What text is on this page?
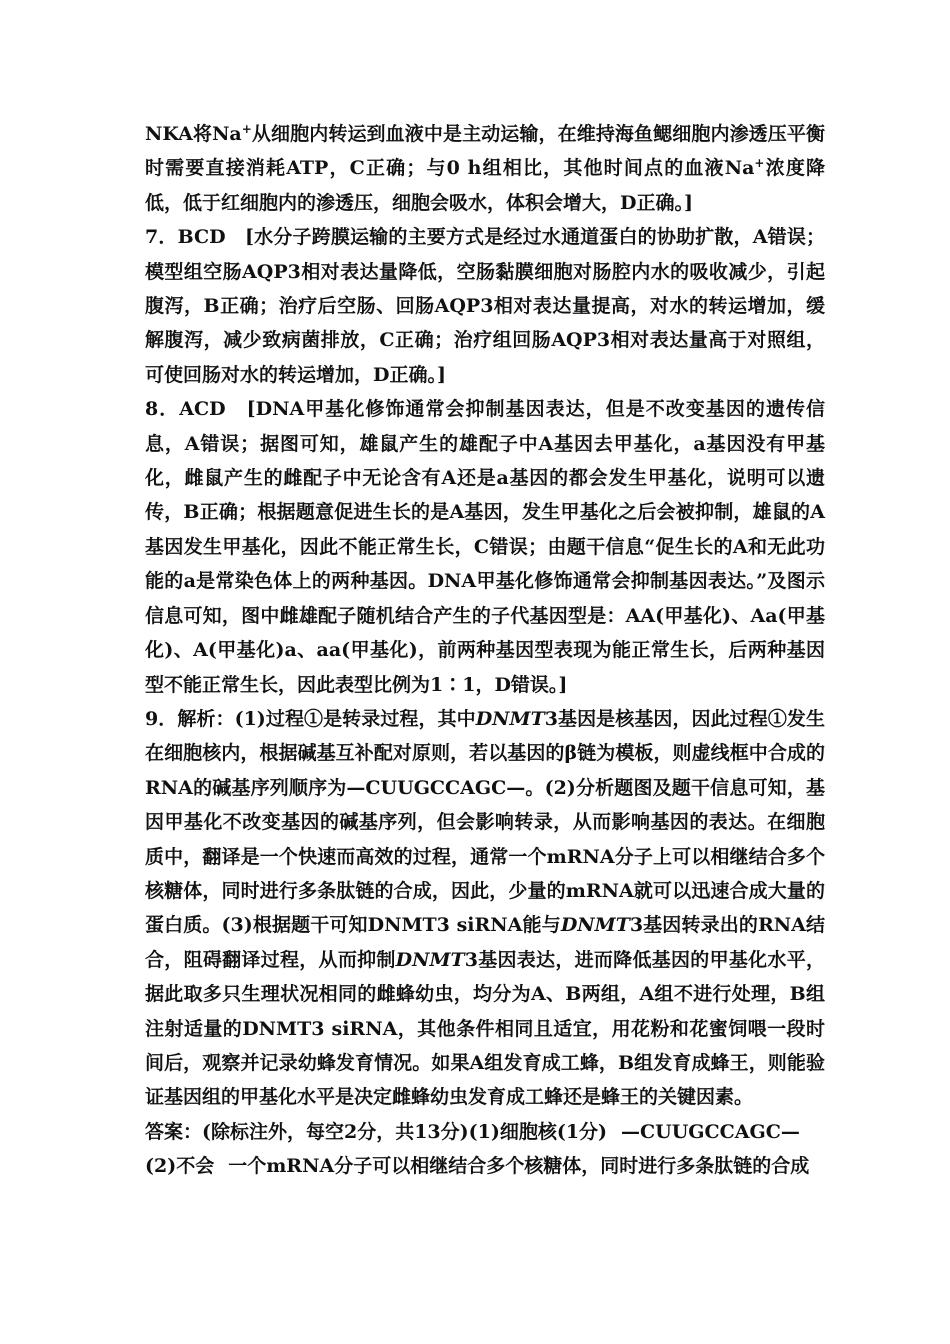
NKA将Na+从细胞内转运到血液中是主动运输，在维持海鱼鳃细胞内渗透压平衡时需要直接消耗ATP，C正确；与0 h组相比，其他时间点的血液Na+浓度降低，低于红细胞内的渗透压，细胞会吸水，体积会增大，D正确。]

7．BCD　[水分子跨膜运输的主要方式是经过水通道蛋白的协助扩散，A错误；模型组空肠AQP3相对表达量降低，空肠黏膜细胞对肠腔内水的吸收减少，引起腹泻，B正确；治疗后空肠、回肠AQP3相对表达量提高，对水的转运增加，缓解腹泻，减少致病菌排放，C正确；治疗组回肠AQP3相对表达量高于对照组，可使回肠对水的转运增加，D正确。]

8．ACD　[DNA甲基化修饰通常会抑制基因表达，但是不改变基因的遗传信息，A错误；据图可知，雄鼠产生的雄配子中A基因去甲基化，a基因没有甲基化，雌鼠产生的雌配子中无论含有A还是a基因的都会发生甲基化，说明可以遗传，B正确；根据题意促进生长的是A基因，发生甲基化之后会被抑制，雄鼠的A基因发生甲基化，因此不能正常生长，C错误；由题干信息“促生长的A和无此功能的a是常染色体上的两种基因。DNA甲基化修饰通常会抑制基因表达。”及图示信息可知，图中雌雄配子随机结合产生的子代基因型是：AA(甲基化)、Aa(甲基化)、A(甲基化)a、aa(甲基化)，前两种基因型表现为能正常生长，后两种基因型不能正常生长，因此表型比例为1∶1，D错误。]

9．解析：(1)过程①是转录过程，其中DNMT3基因是核基因，因此过程①发生在细胞核内，根据碱基互补配对原则，若以基因的β链为模板，则虚线框中合成的RNA的碱基序列顺序为—CUUGCCAGC—。(2)分析题图及题干信息可知，基因甲基化不改变基因的碱基序列，但会影响转录，从而影响基因的表达。在细胞质中，翻译是一个快速而高效的过程，通常一个mRNA分子上可以相继结合多个核糖体，同时进行多条肽链的合成，因此，少量的mRNA就可以迅速合成大量的蛋白质。(3)根据题干可知DNMT3 siRNA能与DNMT3基因转录出的RNA结合，阻碍翻译过程，从而抑制DNMT3基因表达，进而降低基因的甲基化水平，据此取多只生理状况相同的雌蜂幼虫，均分为A、B两组，A组不进行处理，B组注射适量的DNMT3 siRNA，其他条件相同且适宜，用花粉和花蜜饲喂一段时间后，观察并记录幼蜂发育情况。如果A组发育成工蜂，B组发育成蜂王，则能验证基因组的甲基化水平是决定雌蜂幼虫发育成工蜂还是蜂王的关键因素。

答案：(除标注外，每空2分，共13分)(1)细胞核(1分) —CUUGCCAGC—

(2)不会 一个mRNA分子可以相继结合多个核糖体，同时进行多条肽链的合成
